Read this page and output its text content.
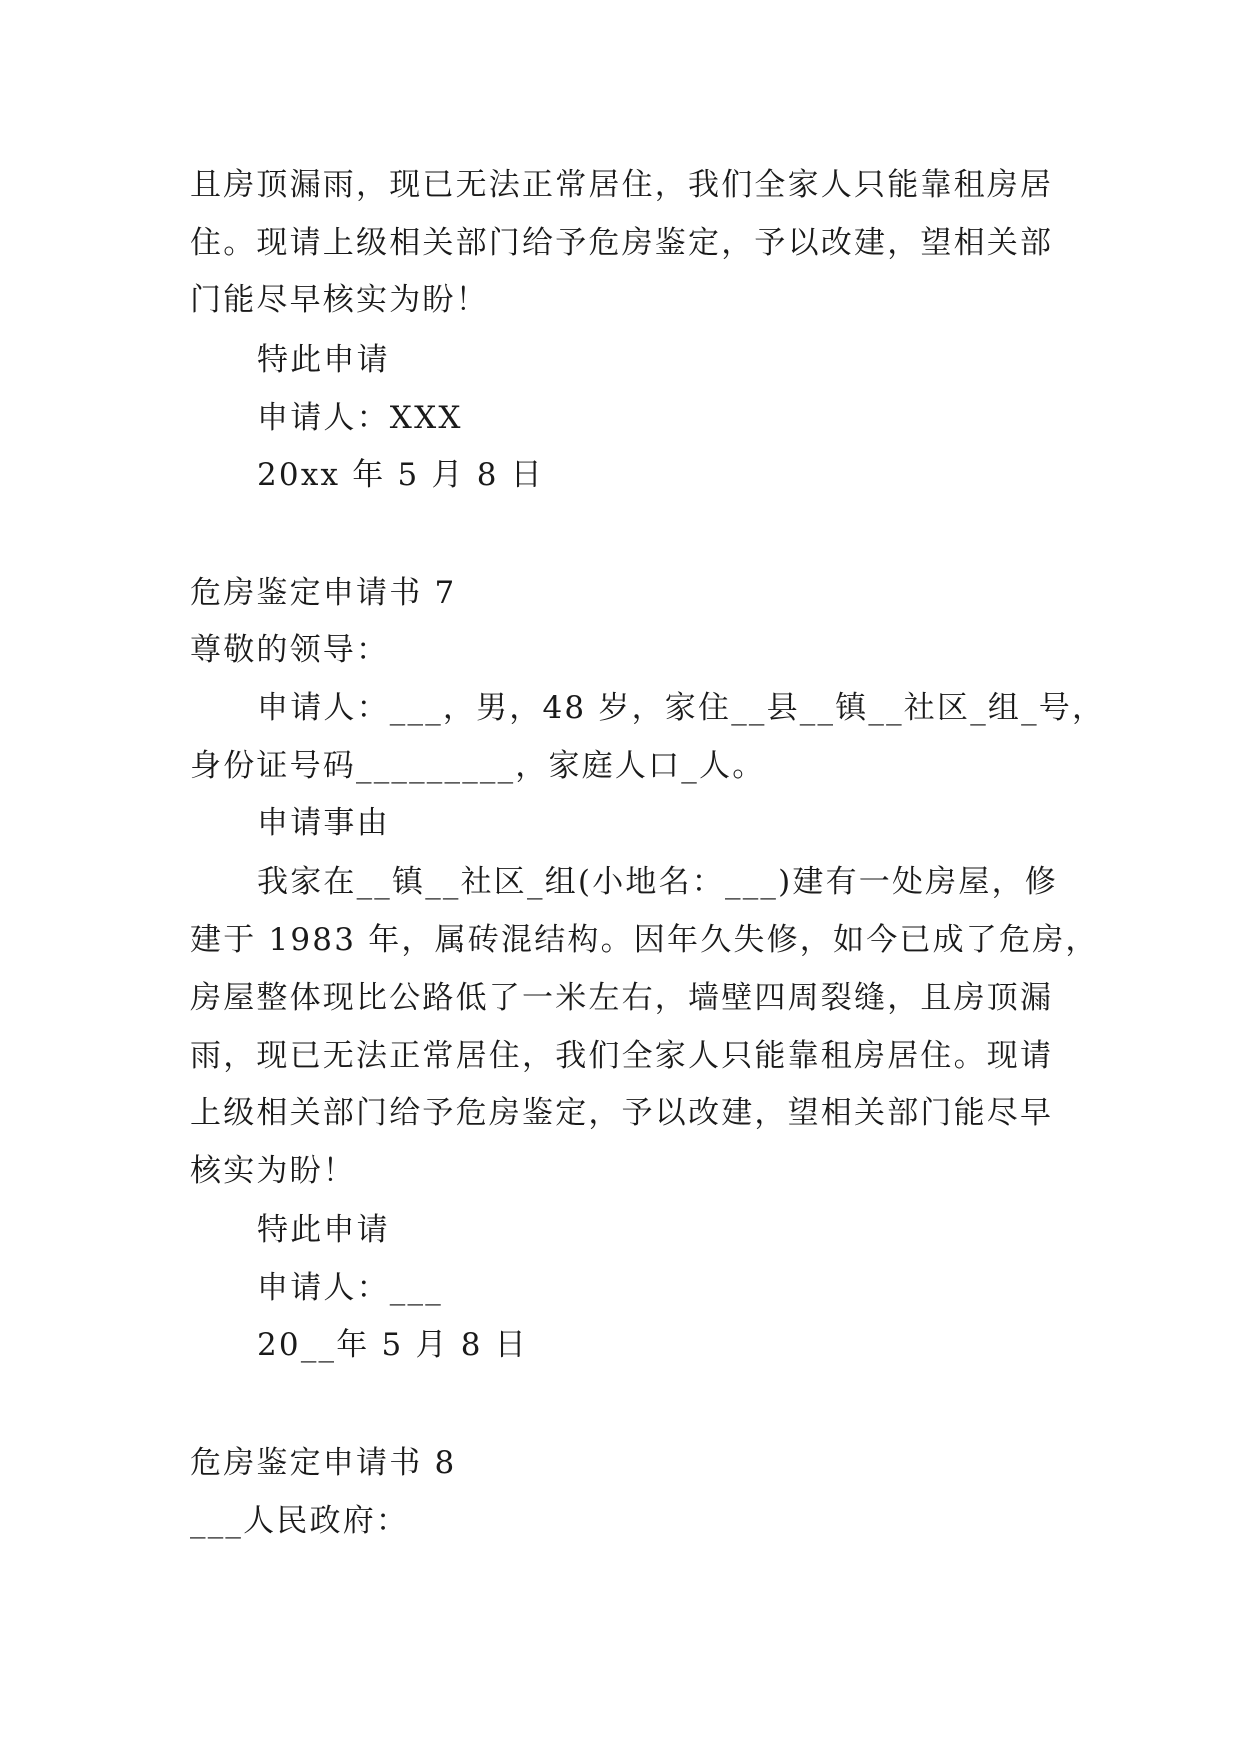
且房顶漏雨，现已无法正常居住，我们全家人只能靠租房居
住。现请上级相关部门给予危房鉴定，予以改建，望相关部
门能尽早核实为盼！
特此申请
申请人：XXX
20xx 年 5 月 8 日
危房鉴定申请书 7
尊敬的领导：
申请人：___，男，48 岁，家住__县__镇__社区_组_号，
身份证号码_________，家庭人口_人。
申请事由
我家在__镇__社区_组(小地名：___)建有一处房屋，修
建于 1983 年，属砖混结构。因年久失修，如今已成了危房，
房屋整体现比公路低了一米左右，墙壁四周裂缝，且房顶漏
雨，现已无法正常居住，我们全家人只能靠租房居住。现请
上级相关部门给予危房鉴定，予以改建，望相关部门能尽早
核实为盼！
特此申请
申请人：___
20__年 5 月 8 日
危房鉴定申请书 8
___人民政府：
